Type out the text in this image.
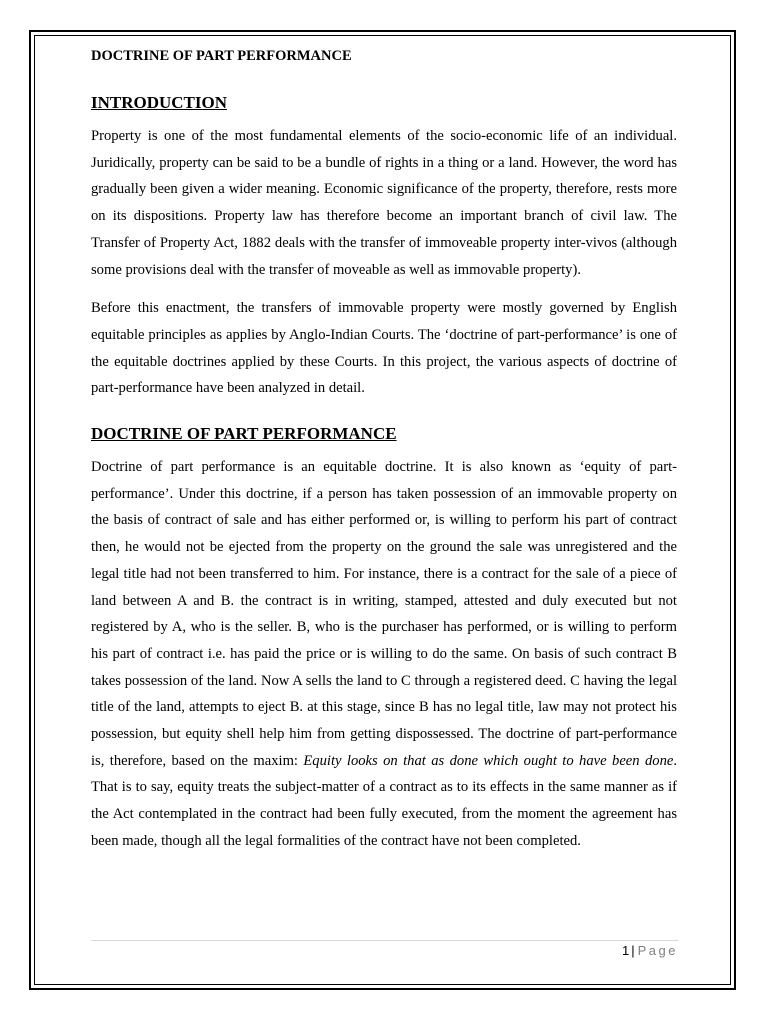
DOCTRINE OF PART PERFORMANCE
INTRODUCTION

Property is one of the most fundamental elements of the socio-economic life of an individual. Juridically, property can be said to be a bundle of rights in a thing or a land. However, the word has gradually been given a wider meaning. Economic significance of the property, therefore, rests more on its dispositions. Property law has therefore become an important branch of civil law. The Transfer of Property Act, 1882 deals with the transfer of immoveable property inter-vivos (although some provisions deal with the transfer of moveable as well as immovable property).

Before this enactment, the transfers of immovable property were mostly governed by English equitable principles as applies by Anglo-Indian Courts. The ‘doctrine of part-performance’ is one of the equitable doctrines applied by these Courts. In this project, the various aspects of doctrine of part-performance have been analyzed in detail.

DOCTRINE OF PART PERFORMANCE

Doctrine of part performance is an equitable doctrine. It is also known as ‘equity of part-performance’. Under this doctrine, if a person has taken possession of an immovable property on the basis of contract of sale and has either performed or, is willing to perform his part of contract then, he would not be ejected from the property on the ground the sale was unregistered and the legal title had not been transferred to him. For instance, there is a contract for the sale of a piece of land between A and B. the contract is in writing, stamped, attested and duly executed but not registered by A, who is the seller. B, who is the purchaser has performed, or is willing to perform his part of contract i.e. has paid the price or is willing to do the same. On basis of such contract B takes possession of the land. Now A sells the land to C through a registered deed. C having the legal title of the land, attempts to eject B. at this stage, since B has no legal title, law may not protect his possession, but equity shell help him from getting dispossessed. The doctrine of part-performance is, therefore, based on the maxim: Equity looks on that as done which ought to have been done. That is to say, equity treats the subject-matter of a contract as to its effects in the same manner as if the Act contemplated in the contract had been fully executed, from the moment the agreement has been made, though all the legal formalities of the contract have not been completed.

1 | Page
